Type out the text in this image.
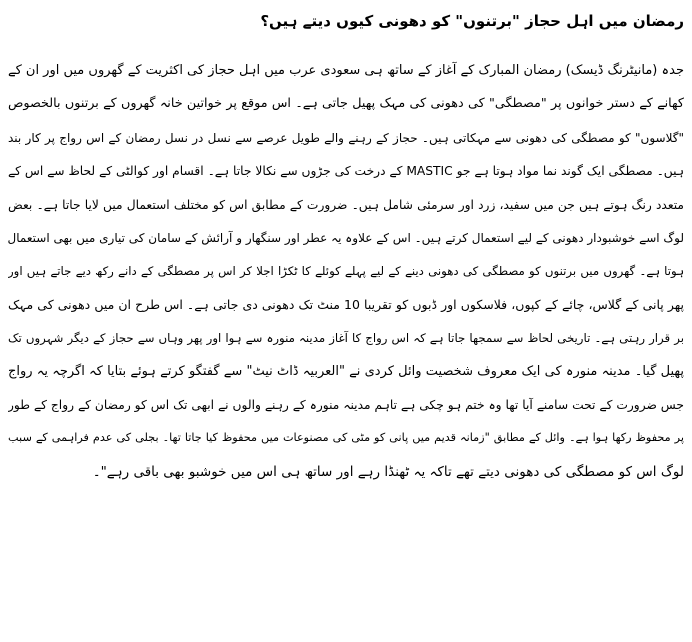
رمضان میں اہل حجاز "برتنوں" کو دھونی کیوں دیتے ہیں؟
جدہ (مانیٹرنگ ڈیسک) رمضان المبارک کے آغاز کے ساتھ ہی سعودی عرب میں اہل حجاز کی اکثریت کے گھروں میں اور ان کے
کھانے کے دستر خوانوں پر "مصطگی" کی دھونی کی مہک پھیل جاتی ہے۔ اس موقع پر خواتین خانہ گھروں کے برتنوں بالخصوص
"گلاسوں" کو مصطگی کی دھونی سے مہکاتی ہیں۔ حجاز کے رہنے والے طویل عرصے سے نسل در نسل رمضان کے اس رواج پر کار بند
ہیں۔ مصطگی ایک گوند نما مواد ہوتا ہے جو MASTIC کے درخت کی جڑوں سے نکالا جاتا ہے۔ اقسام اور کوالٹی کے لحاظ سے اس کے
متعدد رنگ ہوتے ہیں جن میں سفید، زرد اور سرمئی شامل ہیں۔ ضرورت کے مطابق اس کو مختلف استعمال میں لایا جاتا ہے۔ بعض
لوگ اسے خوشبودار دھونی کے لیے استعمال کرتے ہیں۔ اس کے علاوہ یہ عطر اور سنگھار و آرائش کے سامان کی تیاری میں بھی استعمال
ہوتا ہے۔ گھروں میں برتنوں کو مصطگی کی دھونی دینے کے لیے پہلے کوئلے کا ٹکڑا اجلا کر اس پر مصطگی کے دانے رکھ دیے جاتے ہیں اور
پھر پانی کے گلاس، چائے کے کپوں، فلاسکوں اور ڈبوں کو تقریبا 10 منٹ تک دھونی دی جاتی ہے۔ اس طرح ان میں دھونی کی مہک
بر قرار رہتی ہے۔ تاریخی لحاظ سے سمجھا جاتا ہے کہ اس رواج کا آغاز مدینہ منورہ سے ہوا اور پھر وہاں سے حجاز کے دیگر شہروں تک
پھیل گیا۔ مدینہ منورہ کی ایک معروف شخصیت وائل کردی نے "العربیہ ڈاٹ نیٹ" سے گفتگو کرتے ہوئے بتایا کہ اگرچہ یہ رواج
جس ضرورت کے تحت سامنے آیا تھا وہ ختم ہو چکی ہے تاہم مدینہ منورہ کے رہنے والوں نے ابھی تک اس کو رمضان کے رواج کے طور
پر محفوظ رکھا ہوا ہے۔ وائل کے مطابق "زمانہ قدیم میں پانی کو مٹی کی مصنوعات میں محفوظ کیا جاتا تھا۔ بجلی کی عدم فراہمی کے سبب
لوگ اس کو مصطگی کی دھونی دیتے تھے تاکہ یہ ٹھنڈا رہے اور ساتھ ہی اس میں خوشبو بھی باقی رہے"۔
